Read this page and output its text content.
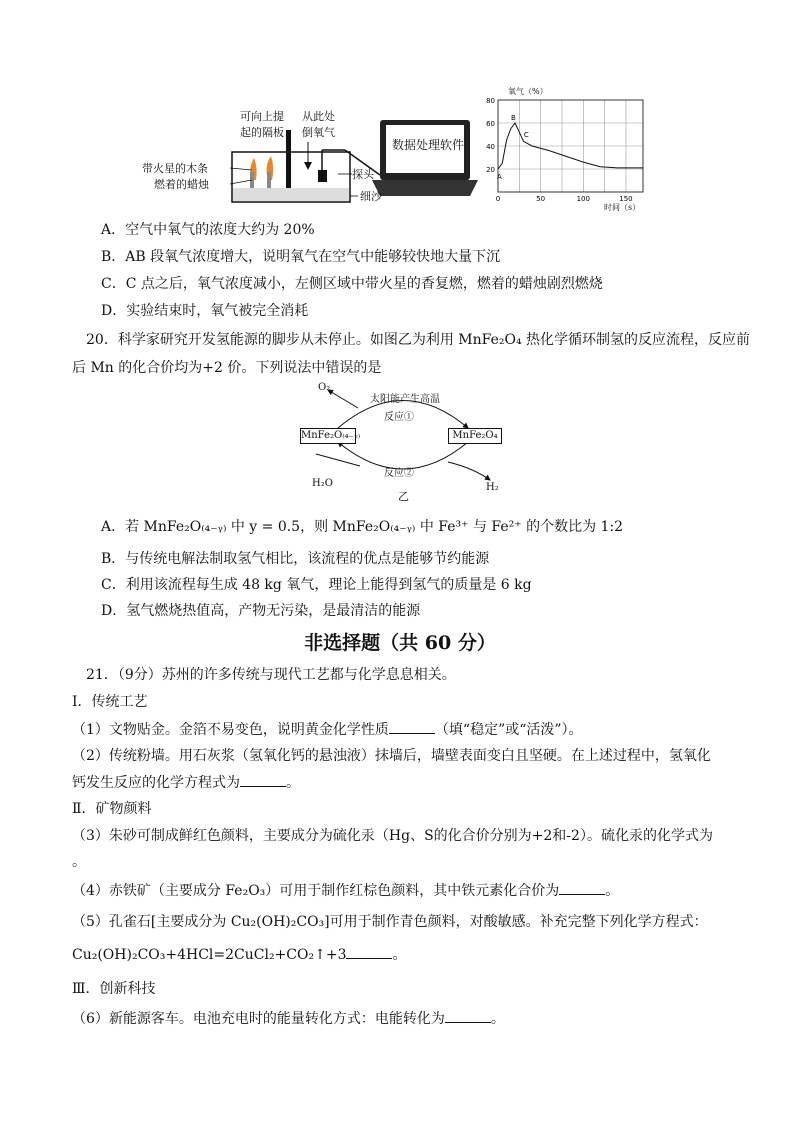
可向上提
起的隔板
从此处
倒氧气
带火星的木条
燃着的蜡烛
探头
细沙
数据处理软件
80
60
40
20
0	50	100	150
A
B
C
氧气（%）
时间（s）
A．空气中氧气的浓度大约为 20%
B．AB 段氧气浓度增大，说明氧气在空气中能够较快地大量下沉
C．C 点之后，氧气浓度减小，左侧区域中带火星的香复燃，燃着的蜡烛剧烈燃烧
D．实验结束时，氧气被完全消耗
20．科学家研究开发氢能源的脚步从未停止。如图乙为利用 MnFe₂O₄ 热化学循环制氢的反应流程，反应前
后 Mn 的化合价均为+2 价。下列说法中错误的是
O₂
太阳能产生高温
反应①
MnFe₂O₍₄₋ᵧ₎	MnFe₂O₄
反应②
H₂O	H₂
乙
A．若 MnFe₂O₍₄₋ᵧ₎ 中 y = 0.5，则 MnFe₂O₍₄₋ᵧ₎ 中 Fe³⁺ 与 Fe²⁺ 的个数比为 1:2
B．与传统电解法制取氢气相比，该流程的优点是能够节约能源
C．利用该流程每生成 48 kg 氧气，理论上能得到氢气的质量是 6 kg
D．氢气燃烧热值高，产物无污染，是最清洁的能源
非选择题（共 60 分）
21．（9分）苏州的许多传统与现代工艺都与化学息息相关。
Ⅰ．传统工艺
（1）文物贴金。金箔不易变色，说明黄金化学性质	（填“稳定”或“活泼”）。
（2）传统粉墙。用石灰浆（氢氧化钙的悬浊液）抹墙后，墙壁表面变白且坚硬。在上述过程中，氢氧化
钙发生反应的化学方程式为	。
Ⅱ．矿物颜料
（3）朱砂可制成鲜红色颜料，主要成分为硫化汞（Hg、S的化合价分别为+2和-2）。硫化汞的化学式为
。
（4）赤铁矿（主要成分 Fe₂O₃）可用于制作红棕色颜料，其中铁元素化合价为	。
（5）孔雀石[主要成分为 Cu₂(OH)₂CO₃]可用于制作青色颜料，对酸敏感。补充完整下列化学方程式：
Cu₂(OH)₂CO₃+4HCl=2CuCl₂+CO₂↑+3	。
Ⅲ．创新科技
（6）新能源客车。电池充电时的能量转化方式：电能转化为	。
